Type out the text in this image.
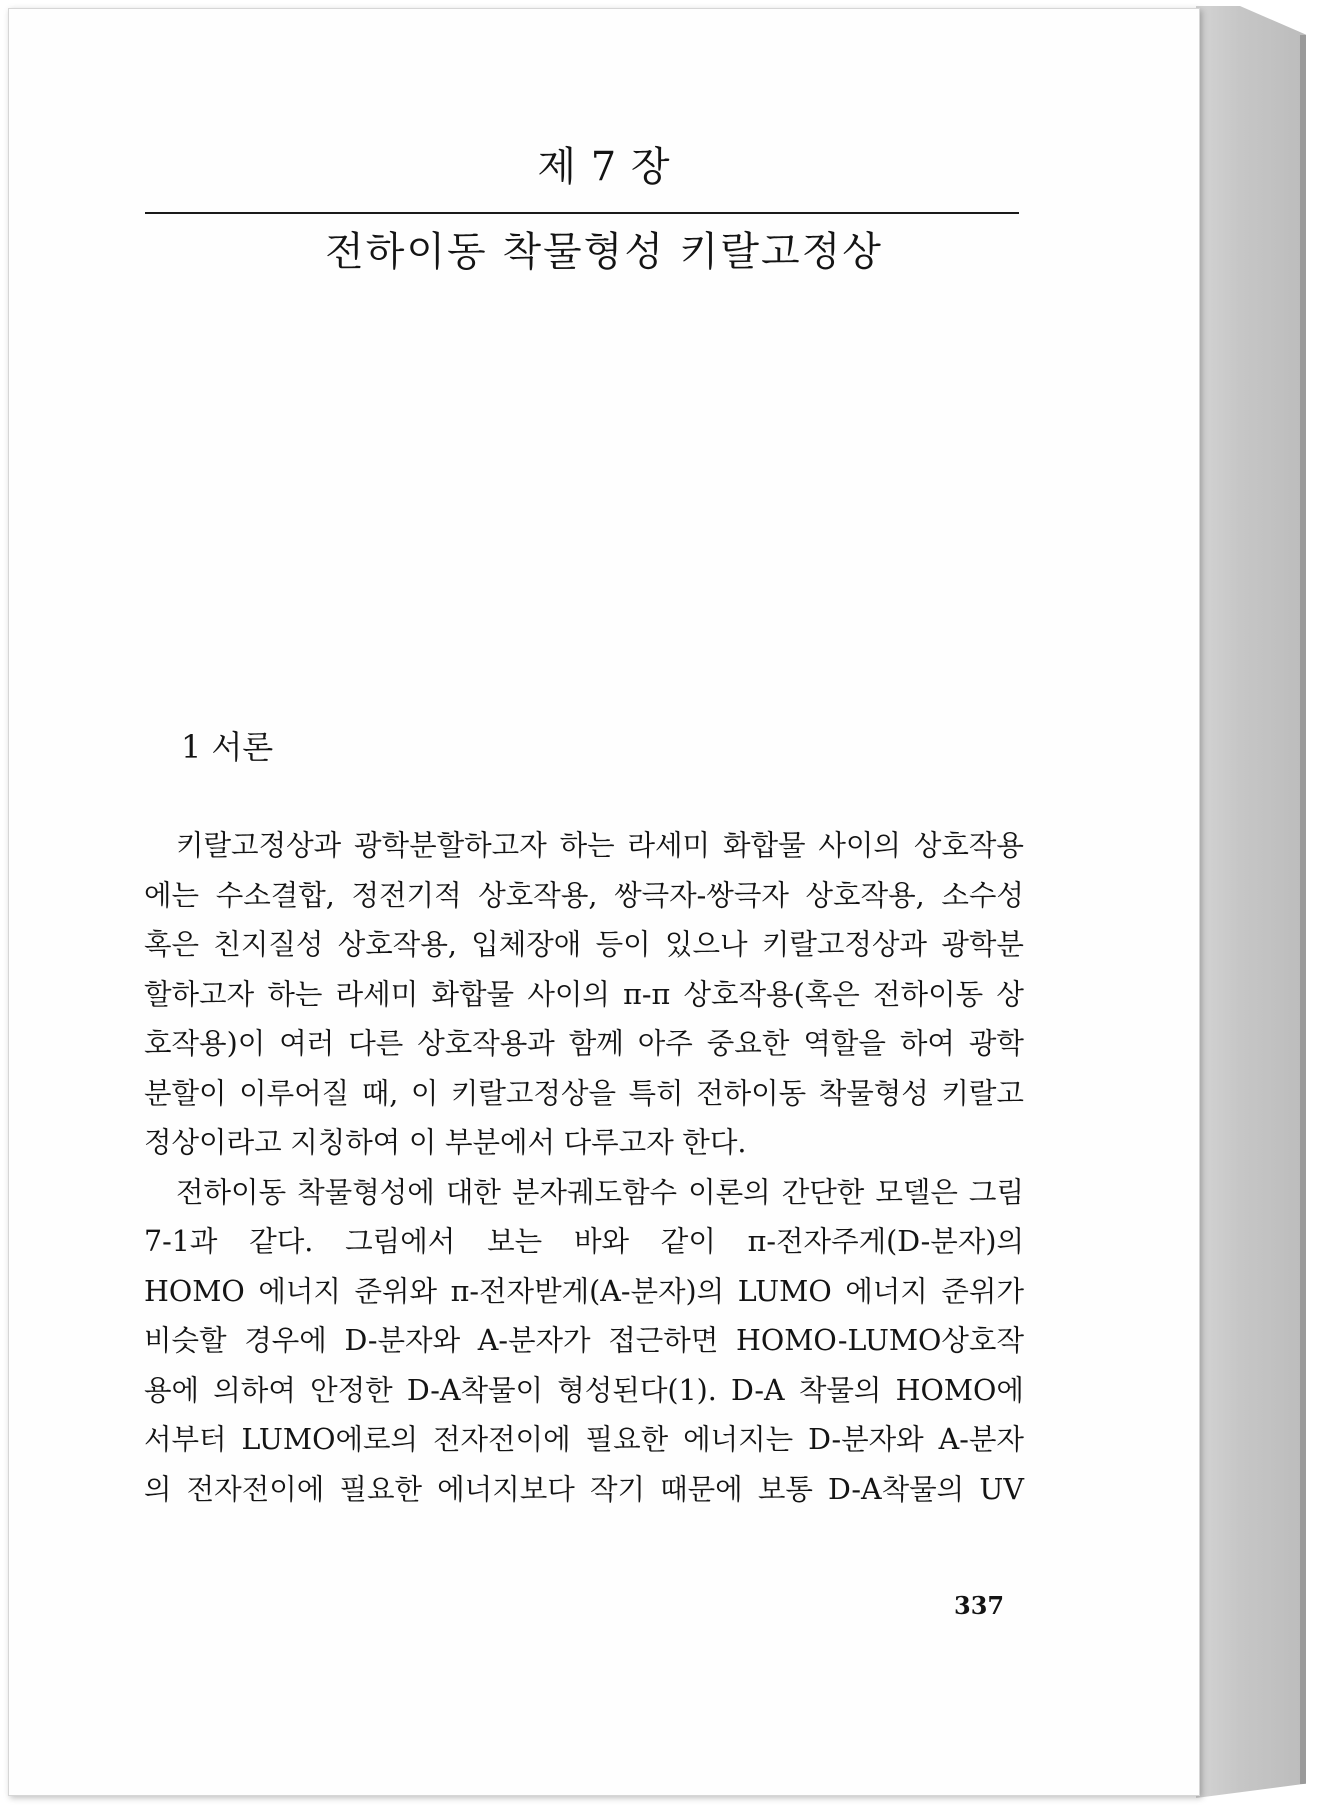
제 7 장
전하이동 착물형성 키랄고정상
1 서론
키랄고정상과 광학분할하고자 하는 라세미 화합물 사이의 상호작용
에는 수소결합, 정전기적 상호작용, 쌍극자-쌍극자 상호작용, 소수성
혹은 친지질성 상호작용, 입체장애 등이 있으나 키랄고정상과 광학분
할하고자 하는 라세미 화합물 사이의 π-π 상호작용(혹은 전하이동 상
호작용)이 여러 다른 상호작용과 함께 아주 중요한 역할을 하여 광학
분할이 이루어질 때, 이 키랄고정상을 특히 전하이동 착물형성 키랄고
정상이라고 지칭하여 이 부분에서 다루고자 한다.
전하이동 착물형성에 대한 분자궤도함수 이론의 간단한 모델은 그림
7-1과 같다. 그림에서 보는 바와 같이 π-전자주게(D-분자)의
HOMO 에너지 준위와 π-전자받게(A-분자)의 LUMO 에너지 준위가
비슷할 경우에 D-분자와 A-분자가 접근하면 HOMO-LUMO상호작
용에 의하여 안정한 D-A착물이 형성된다(1). D-A 착물의 HOMO에
서부터 LUMO에로의 전자전이에 필요한 에너지는 D-분자와 A-분자
의 전자전이에 필요한 에너지보다 작기 때문에 보통 D-A착물의 UV
337
